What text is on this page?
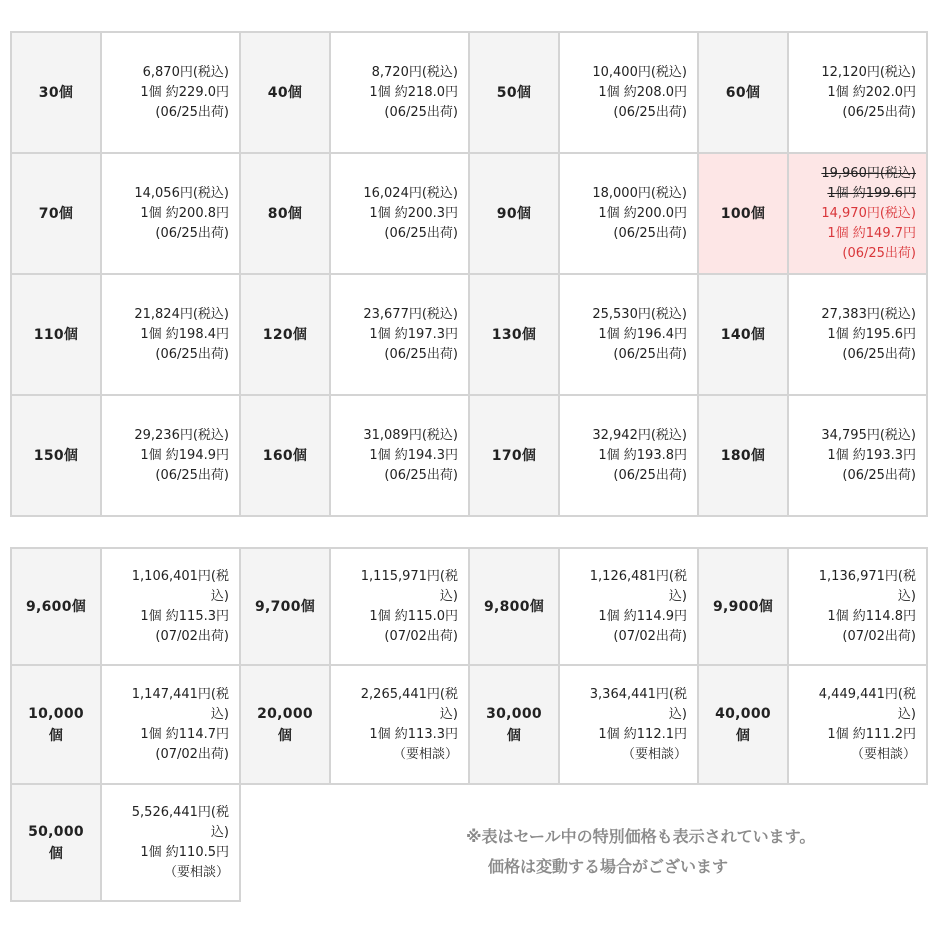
30個	6,870円(税込)
1個 約229.0円
(06/25出荷)	40個	8,720円(税込)
1個 約218.0円
(06/25出荷)	50個	10,400円(税込)
1個 約208.0円
(06/25出荷)	60個	12,120円(税込)
1個 約202.0円
(06/25出荷)

70個	14,056円(税込)
1個 約200.8円
(06/25出荷)	80個	16,024円(税込)
1個 約200.3円
(06/25出荷)	90個	18,000円(税込)
1個 約200.0円
(06/25出荷)	100個	19,960円(税込)
1個 約199.6円
14,970円(税込)
1個 約149.7円
(06/25出荷)

110個	21,824円(税込)
1個 約198.4円
(06/25出荷)	120個	23,677円(税込)
1個 約197.3円
(06/25出荷)	130個	25,530円(税込)
1個 約196.4円
(06/25出荷)	140個	27,383円(税込)
1個 約195.6円
(06/25出荷)

150個	29,236円(税込)
1個 約194.9円
(06/25出荷)	160個	31,089円(税込)
1個 約194.3円
(06/25出荷)	170個	32,942円(税込)
1個 約193.8円
(06/25出荷)	180個	34,795円(税込)
1個 約193.3円
(06/25出荷)
9,600個	1,106,401円(税
込)
1個 約115.3円
(07/02出荷)	9,700個	1,115,971円(税
込)
1個 約115.0円
(07/02出荷)	9,800個	1,126,481円(税
込)
1個 約114.9円
(07/02出荷)	9,900個	1,136,971円(税
込)
1個 約114.8円
(07/02出荷)

10,000
個	1,147,441円(税
込)
1個 約114.7円
(07/02出荷)	20,000
個	2,265,441円(税
込)
1個 約113.3円
（要相談）	30,000
個	3,364,441円(税
込)
1個 約112.1円
（要相談）	40,000
個	4,449,441円(税
込)
1個 約111.2円
（要相談）

50,000
個	5,526,441円(税
込)
1個 約110.5円
（要相談）						

※表はセール中の特別価格も表示されています。
価格は変動する場合がございます
